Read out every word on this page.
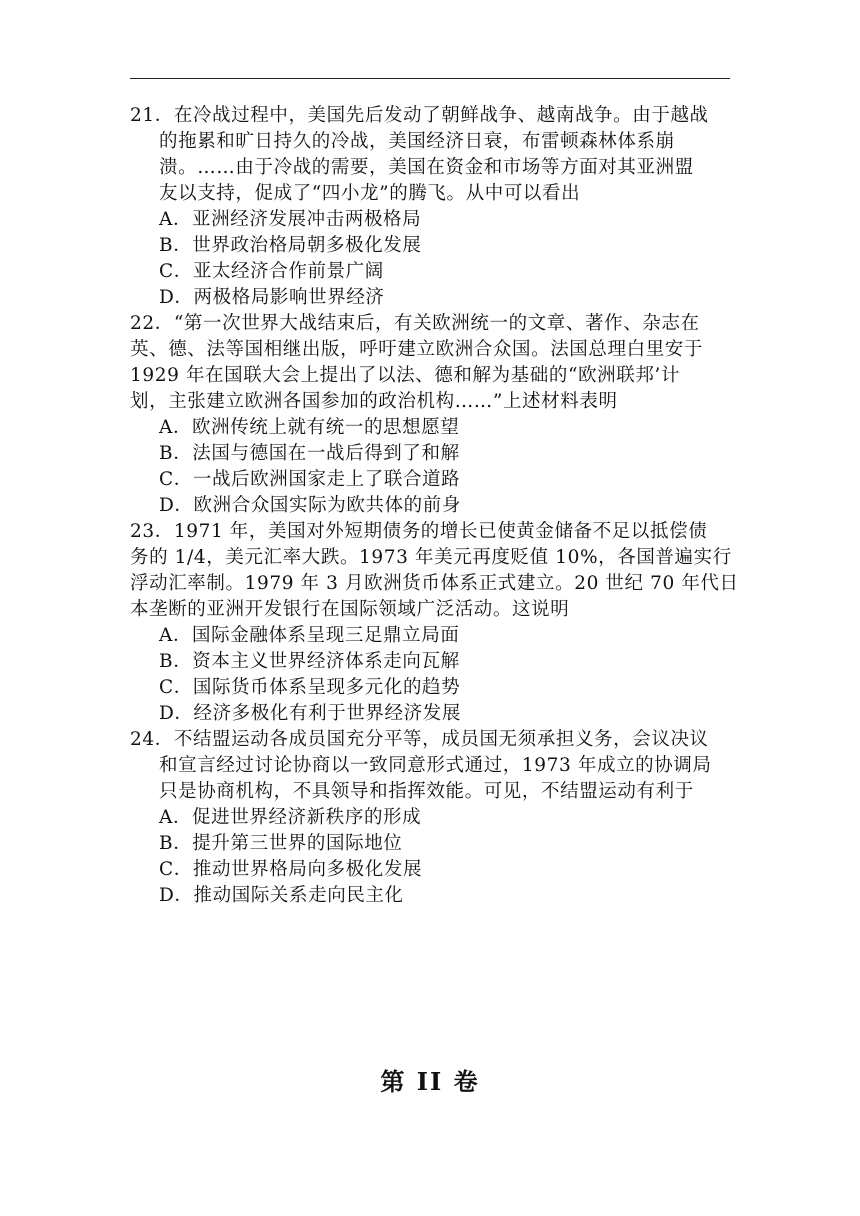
21．在冷战过程中，美国先后发动了朝鲜战争、越南战争。由于越战
的拖累和旷日持久的冷战，美国经济日衰，布雷顿森林体系崩
溃。……由于冷战的需要，美国在资金和市场等方面对其亚洲盟
友以支持，促成了“四小龙”的腾飞。从中可以看出
A．亚洲经济发展冲击两极格局
B．世界政治格局朝多极化发展
C．亚太经济合作前景广阔
D．两极格局影响世界经济
22．“第一次世界大战结束后，有关欧洲统一的文章、著作、杂志在
英、德、法等国相继出版，呼吁建立欧洲合众国。法国总理白里安于
1929 年在国联大会上提出了以法、德和解为基础的“欧洲联邦’计
划，主张建立欧洲各国参加的政治机构……”上述材料表明
A．欧洲传统上就有统一的思想愿望
B．法国与德国在一战后得到了和解
C．一战后欧洲国家走上了联合道路
D．欧洲合众国实际为欧共体的前身
23．1971 年，美国对外短期债务的增长已使黄金储备不足以抵偿债
务的 1/4，美元汇率大跌。1973 年美元再度贬值 10%，各国普遍实行
浮动汇率制。1979 年 3 月欧洲货币体系正式建立。20 世纪 70 年代日
本垄断的亚洲开发银行在国际领域广泛活动。这说明
A．国际金融体系呈现三足鼎立局面
B．资本主义世界经济体系走向瓦解
C．国际货币体系呈现多元化的趋势
D．经济多极化有利于世界经济发展
24．不结盟运动各成员国充分平等，成员国无须承担义务，会议决议
和宣言经过讨论协商以一致同意形式通过，1973 年成立的协调局
只是协商机构，不具领导和指挥效能。可见，不结盟运动有利于
A．促进世界经济新秩序的形成
B．提升第三世界的国际地位
C．推动世界格局向多极化发展
D．推动国际关系走向民主化
第 II 卷
